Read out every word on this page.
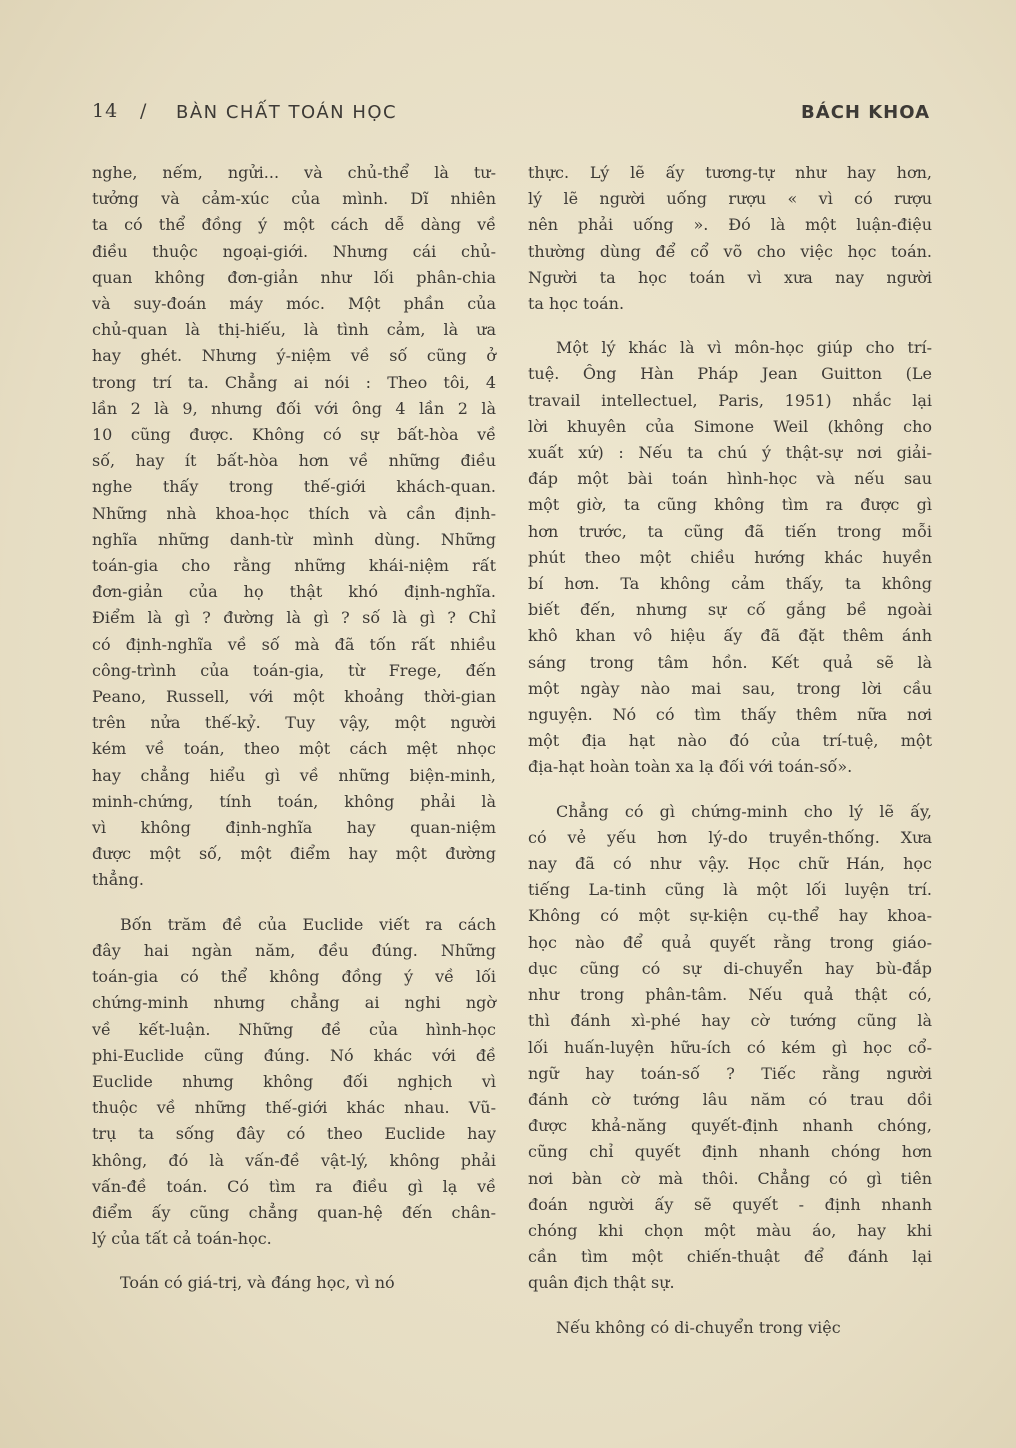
14 / BÀN CHẤT TOÁN HỌC	BÁCH KHOA
nghe, nếm, ngửi... và chủ-thể là tư-
tưởng và cảm-xúc của mình. Dĩ nhiên
ta có thể đồng ý một cách dễ dàng về
điều thuộc ngoại-giới. Nhưng cái chủ-
quan không đơn-giản như lối phân-chia
và suy-đoán máy móc. Một phần của
chủ-quan là thị-hiếu, là tình cảm, là ưa
hay ghét. Nhưng ý-niệm về số cũng ở
trong trí ta. Chẳng ai nói : Theo tôi, 4
lần 2 là 9, nhưng đối với ông 4 lần 2 là
10 cũng được. Không có sự bất-hòa về
số, hay ít bất-hòa hơn về những điều
nghe thấy trong thế-giới khách-quan.
Những nhà khoa-học thích và cần định-
nghĩa những danh-từ mình dùng. Những
toán-gia cho rằng những khái-niệm rất
đơn-giản của họ thật khó định-nghĩa.
Điểm là gì ? đường là gì ? số là gì ? Chỉ
có định-nghĩa về số mà đã tốn rất nhiều
công-trình của toán-gia, từ Frege, đến
Peano, Russell, với một khoảng thời-gian
trên nửa thế-kỷ. Tuy vậy, một người
kém về toán, theo một cách mệt nhọc
hay chẳng hiểu gì về những biện-minh,
minh-chứng, tính toán, không phải là
vì không định-nghĩa hay quan-niệm
được một số, một điểm hay một đường
thẳng.
Bốn trăm đề của Euclide viết ra cách
đây hai ngàn năm, đều đúng. Những
toán-gia có thể không đồng ý về lối
chứng-minh nhưng chẳng ai nghi ngờ
về kết-luận. Những đề của hình-học
phi-Euclide cũng đúng. Nó khác với đề
Euclide nhưng không đối nghịch vì
thuộc về những thế-giới khác nhau. Vũ-
trụ ta sống đây có theo Euclide hay
không, đó là vấn-đề vật-lý, không phải
vấn-đề toán. Có tìm ra điều gì lạ về
điểm ấy cũng chẳng quan-hệ đến chân-
lý của tất cả toán-học.
Toán có giá-trị, và đáng học, vì nó
thực. Lý lẽ ấy tương-tự như hay hơn,
lý lẽ người uống rượu « vì có rượu
nên phải uống ». Đó là một luận-điệu
thường dùng để cổ võ cho việc học toán.
Người ta học toán vì xưa nay người
ta học toán.
Một lý khác là vì môn-học giúp cho trí-
tuệ. Ông Hàn Pháp Jean Guitton (Le
travail intellectuel, Paris, 1951) nhắc lại
lời khuyên của Simone Weil (không cho
xuất xứ) : Nếu ta chú ý thật-sự nơi giải-
đáp một bài toán hình-học và nếu sau
một giờ, ta cũng không tìm ra được gì
hơn trước, ta cũng đã tiến trong mỗi
phút theo một chiều hướng khác huyền
bí hơn. Ta không cảm thấy, ta không
biết đến, nhưng sự cố gắng bề ngoài
khô khan vô hiệu ấy đã đặt thêm ánh
sáng trong tâm hồn. Kết quả sẽ là
một ngày nào mai sau, trong lời cầu
nguyện. Nó có tìm thấy thêm nữa nơi
một địa hạt nào đó của trí-tuệ, một
địa-hạt hoàn toàn xa lạ đối với toán-số».
Chẳng có gì chứng-minh cho lý lẽ ấy,
có vẻ yếu hơn lý-do truyền-thống. Xưa
nay đã có như vậy. Học chữ Hán, học
tiếng La-tinh cũng là một lối luyện trí.
Không có một sự-kiện cụ-thể hay khoa-
học nào để quả quyết rằng trong giáo-
dục cũng có sự di-chuyển hay bù-đắp
như trong phân-tâm. Nếu quả thật có,
thì đánh xì-phé hay cờ tướng cũng là
lối huấn-luyện hữu-ích có kém gì học cổ-
ngữ hay toán-số ? Tiếc rằng người
đánh cờ tướng lâu năm có trau dồi
được khả-năng quyết-định nhanh chóng,
cũng chỉ quyết định nhanh chóng hơn
nơi bàn cờ mà thôi. Chẳng có gì tiên
đoán người ấy sẽ quyết - định nhanh
chóng khi chọn một màu áo, hay khi
cần tìm một chiến-thuật để đánh lại
quân địch thật sự.
Nếu không có di-chuyển trong việc
